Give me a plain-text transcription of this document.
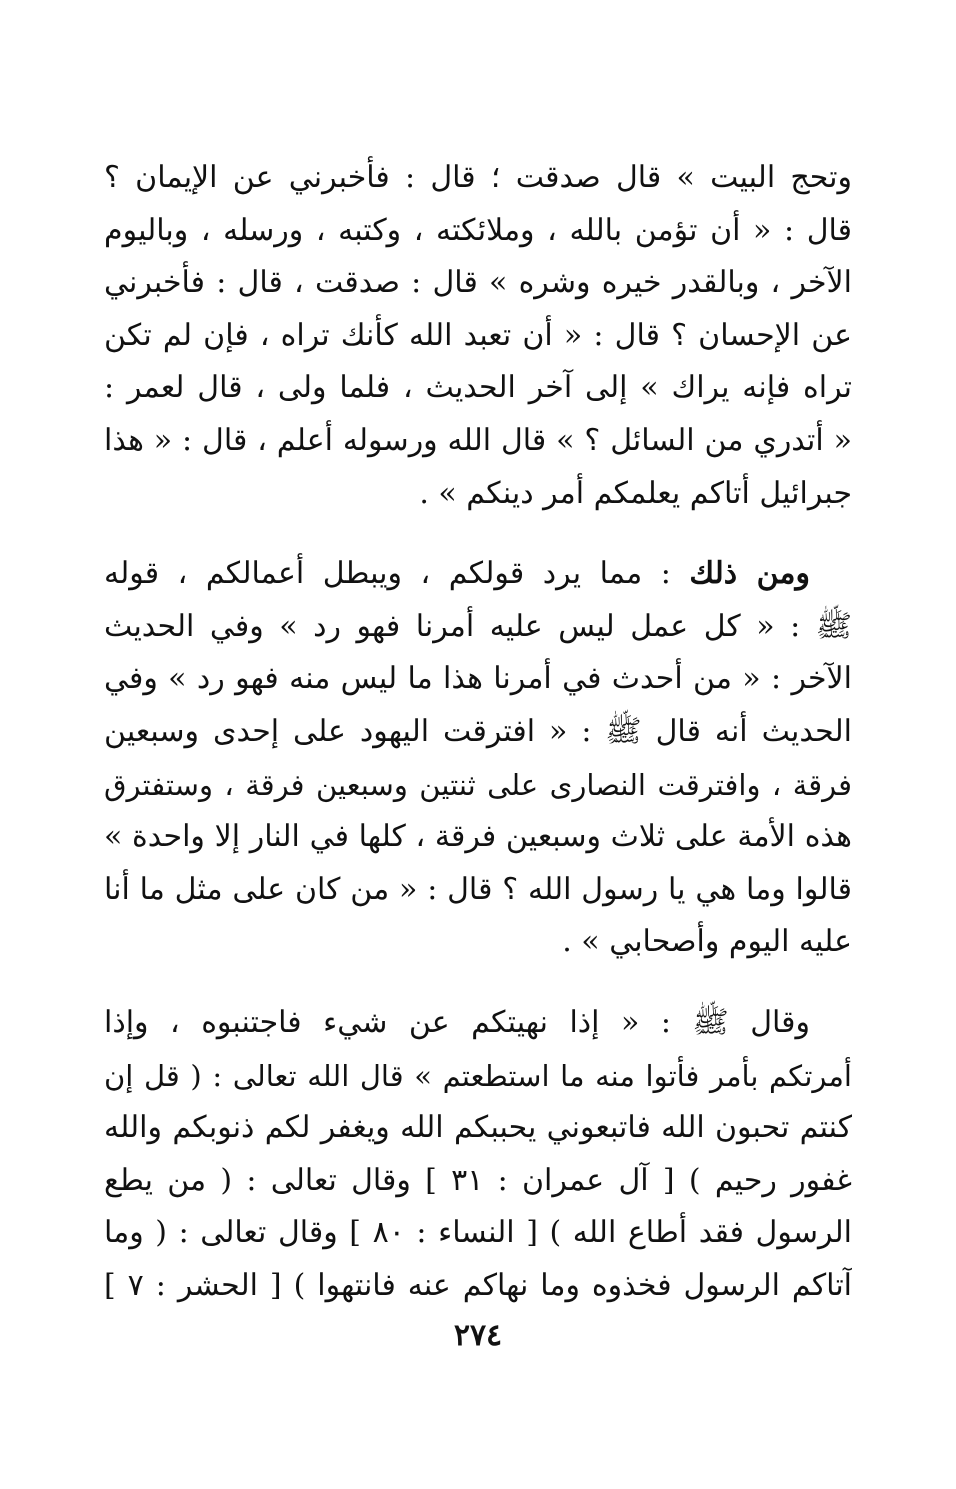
وتحج البيت » قال صدقت ؛ قال : فأخبرني عن الإيمان ؟
قال : « أن تؤمن بالله ، وملائكته ، وكتبه ، ورسله ، وباليوم
الآخر ، وبالقدر خيره وشره » قال : صدقت ، قال : فأخبرني
عن الإحسان ؟ قال : « أن تعبد الله كأنك تراه ، فإن لم تكن
تراه فإنه يراك » إلى آخر الحديث ، فلما ولى ، قال لعمر :
« أتدري من السائل ؟ » قال الله ورسوله أعلم ، قال : « هذا
جبرائيل أتاكم يعلمكم أمر دينكم » .
ومن ذلك : مما يرد قولكم ، ويبطل أعمالكم ، قوله
ﷺ : « كل عمل ليس عليه أمرنا فهو رد » وفي الحديث
الآخر : « من أحدث في أمرنا هذا ما ليس منه فهو رد » وفي
الحديث أنه قال ﷺ : « افترقت اليهود على إحدى وسبعين
فرقة ، وافترقت النصارى على ثنتين وسبعين فرقة ، وستفترق
هذه الأمة على ثلاث وسبعين فرقة ، كلها في النار إلا واحدة »
قالوا وما هي يا رسول الله ؟ قال : « من كان على مثل ما أنا
عليه اليوم وأصحابي » .
وقال ﷺ : « إذا نهيتكم عن شيء فاجتنبوه ، وإذا
أمرتكم بأمر فأتوا منه ما استطعتم » قال الله تعالى : ( قل إن
كنتم تحبون الله فاتبعوني يحببكم الله ويغفر لكم ذنوبكم والله
غفور رحيم ) [ آل عمران : ٣١ ] وقال تعالى : ( من يطع
الرسول فقد أطاع الله ) [ النساء : ٨٠ ] وقال تعالى : ( وما
آتاكم الرسول فخذوه وما نهاكم عنه فانتهوا ) [ الحشر : ٧ ]
٢٧٤
